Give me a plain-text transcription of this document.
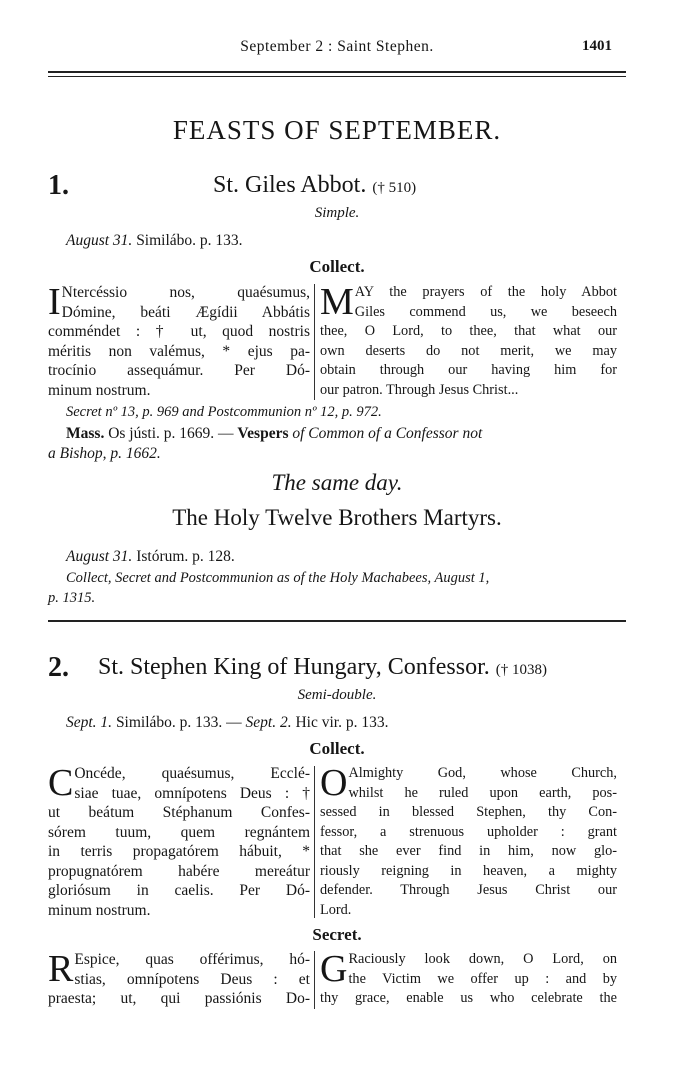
September 2 : Saint Stephen.	1401
FEASTS OF SEPTEMBER.
1.	St. Giles Abbot. († 510)
Simple.
August 31. Similábo. p. 133.
Collect.
I Ntercéssio nos, quaésumus,
Dómine, beáti Ægídii Abbátis
comméndet : † ut, quod nostris
méritis non valémus, * ejus pa-
trocínio assequámur. Per Dó-
minum nostrum.
M AY the prayers of the holy Abbot
Giles commend us, we beseech
thee, O Lord, to thee, that what our
own deserts do not merit, we may
obtain through our having him for
our patron. Through Jesus Christ...
Secret nº 13, p. 969 and Postcommunion nº 12, p. 972.
Mass. Os jústi. p. 1669. — Vespers of Common of a Confessor not
a Bishop, p. 1662.
The same day.
The Holy Twelve Brothers Martyrs.
August 31. Istórum. p. 128.
Collect, Secret and Postcommunion as of the Holy Machabees, August 1,
p. 1315.
2. St. Stephen King of Hungary, Confessor. († 1038)
Semi-double.
Sept. 1. Similábo. p. 133. — Sept. 2. Hic vir. p. 133.
Collect.
C Oncéde, quaésumus, Ecclé-
siae tuae, omnípotens Deus : †
ut beátum Stéphanum Confes-
sórem tuum, quem regnántem
in terris propagatórem hábuit, *
propugnatórem habére mereátur
gloriósum in caelis. Per Dó-
minum nostrum.
O Almighty God, whose Church,
whilst he ruled upon earth, pos-
sessed in blessed Stephen, thy Con-
fessor, a strenuous upholder : grant
that she ever find in him, now glo-
riously reigning in heaven, a mighty
defender. Through Jesus Christ our
Lord.
Secret.
R Espice, quas offérimus, hó-
stias, omnípotens Deus : et
praesta; ut, qui passiónis Do-
G Raciously look down, O Lord, on
the Victim we offer up : and by
thy grace, enable us who celebrate the
